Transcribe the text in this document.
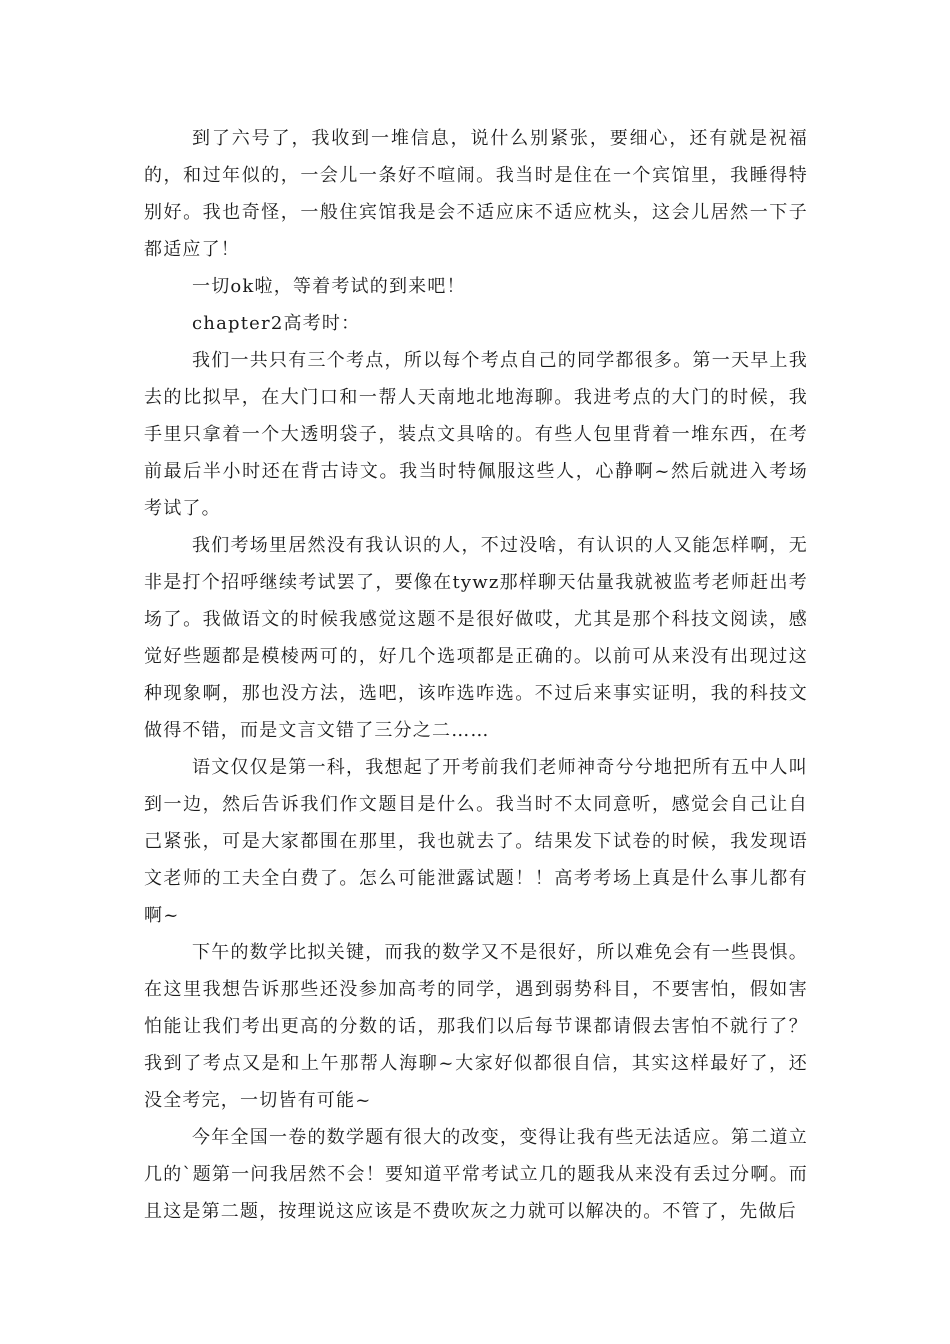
到了六号了，我收到一堆信息，说什么别紧张，要细心，还有就是祝福的，和过年似的，一会儿一条好不喧闹。我当时是住在一个宾馆里，我睡得特别好。我也奇怪，一般住宾馆我是会不适应床不适应枕头，这会儿居然一下子都适应了！

一切ok啦，等着考试的到来吧！

chapter2高考时：

我们一共只有三个考点，所以每个考点自己的同学都很多。第一天早上我去的比拟早，在大门口和一帮人天南地北地海聊。我进考点的大门的时候，我手里只拿着一个大透明袋子，装点文具啥的。有些人包里背着一堆东西，在考前最后半小时还在背古诗文。我当时特佩服这些人，心静啊~然后就进入考场考试了。

我们考场里居然没有我认识的人，不过没啥，有认识的人又能怎样啊，无非是打个招呼继续考试罢了，要像在tywz那样聊天估量我就被监考老师赶出考场了。我做语文的时候我感觉这题不是很好做哎，尤其是那个科技文阅读，感觉好些题都是模棱两可的，好几个选项都是正确的。以前可从来没有出现过这种现象啊，那也没方法，选吧，该咋选咋选。不过后来事实证明，我的科技文做得不错，而是文言文错了三分之二……

语文仅仅是第一科，我想起了开考前我们老师神奇兮兮地把所有五中人叫到一边，然后告诉我们作文题目是什么。我当时不太同意听，感觉会自己让自己紧张，可是大家都围在那里，我也就去了。结果发下试卷的时候，我发现语文老师的工夫全白费了。怎么可能泄露试题！！高考考场上真是什么事儿都有啊~

下午的数学比拟关键，而我的数学又不是很好，所以难免会有一些畏惧。在这里我想告诉那些还没参加高考的同学，遇到弱势科目，不要害怕，假如害怕能让我们考出更高的分数的话，那我们以后每节课都请假去害怕不就行了？我到了考点又是和上午那帮人海聊~大家好似都很自信，其实这样最好了，还没全考完，一切皆有可能~

今年全国一卷的数学题有很大的改变，变得让我有些无法适应。第二道立几的`题第一问我居然不会！要知道平常考试立几的题我从来没有丢过分啊。而且这是第二题，按理说这应该是不费吹灰之力就可以解决的。不管了，先做后
